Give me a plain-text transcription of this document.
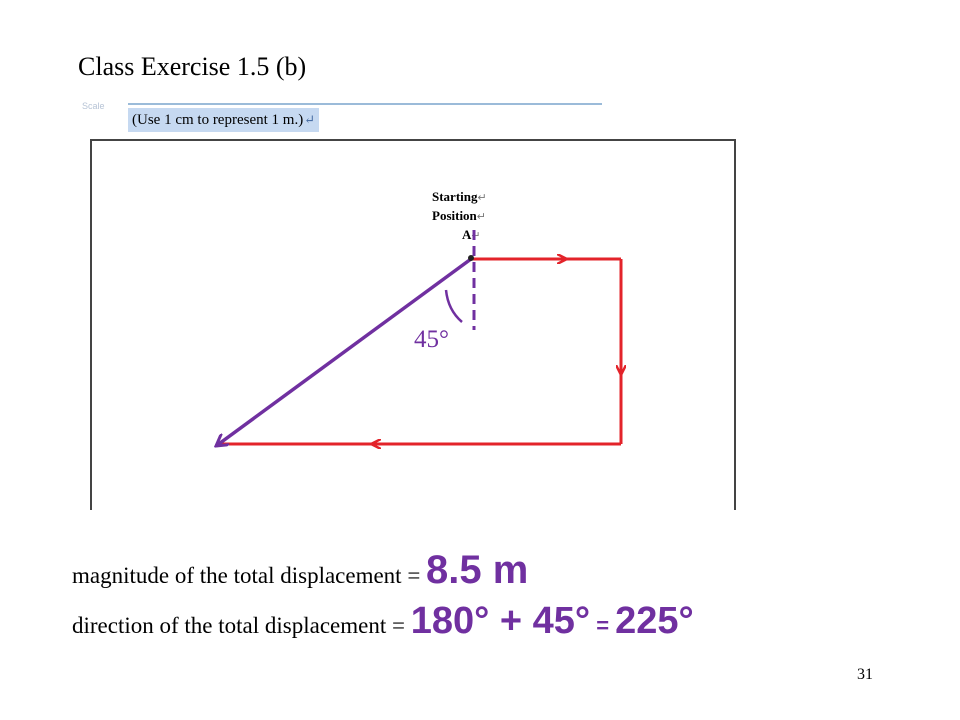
Class Exercise 1.5 (b)
Scale
(Use 1 cm to represent 1 m.)↵
Starting↵
Position↵
A↵
45°
magnitude of the total displacement = 8.5 m
direction of the total displacement = 180° + 45° = 225°
31
